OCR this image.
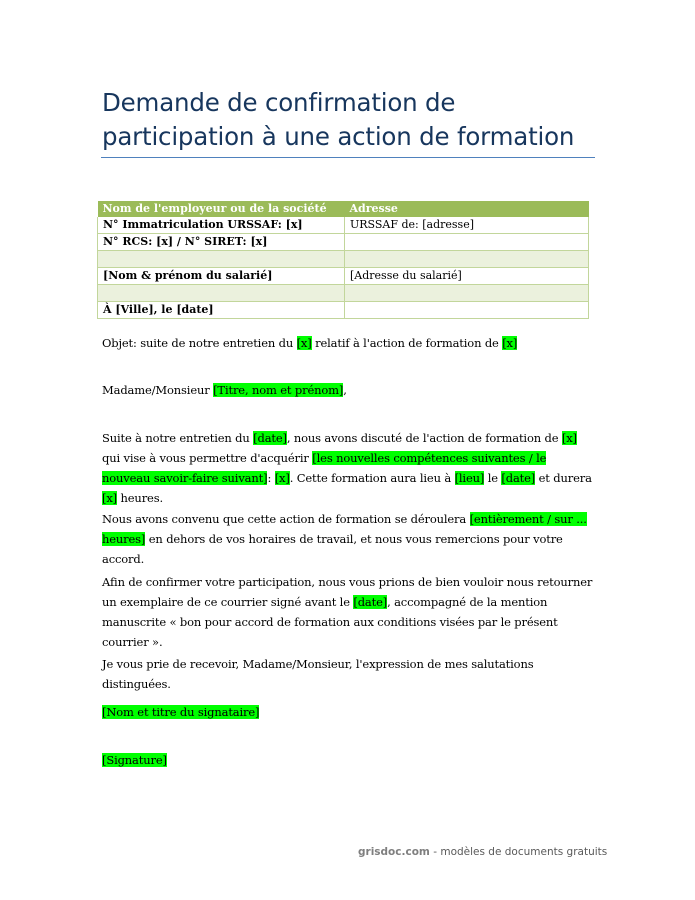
Demande de confirmation de participation à une action de formation
Nom de l'employeur ou de la société	Adresse
N° Immatriculation URSSAF: [x]	URSSAF de: [adresse]
N° RCS: [x] / N° SIRET: [x]	

[Nom & prénom du salarié]	[Adresse du salarié]

À [Ville], le [date]	

Objet: suite de notre entretien du [x] relatif à l'action de formation de [x]

Madame/Monsieur [Titre, nom et prénom],

Suite à notre entretien du [date], nous avons discuté de l'action de formation de [x] qui vise à vous permettre d'acquérir [les nouvelles compétences suivantes / le nouveau savoir-faire suivant]: [x]. Cette formation aura lieu à [lieu] le [date] et durera [x] heures.

Nous avons convenu que cette action de formation se déroulera [entièrement / sur ... heures] en dehors de vos horaires de travail, et nous vous remercions pour votre accord.

Afin de confirmer votre participation, nous vous prions de bien vouloir nous retourner un exemplaire de ce courrier signé avant le [date], accompagné de la mention manuscrite « bon pour accord de formation aux conditions visées par le présent courrier ».

Je vous prie de recevoir, Madame/Monsieur, l'expression de mes salutations distinguées.

[Nom et titre du signataire]

[Signature]

grisdoc.com - modèles de documents gratuits
